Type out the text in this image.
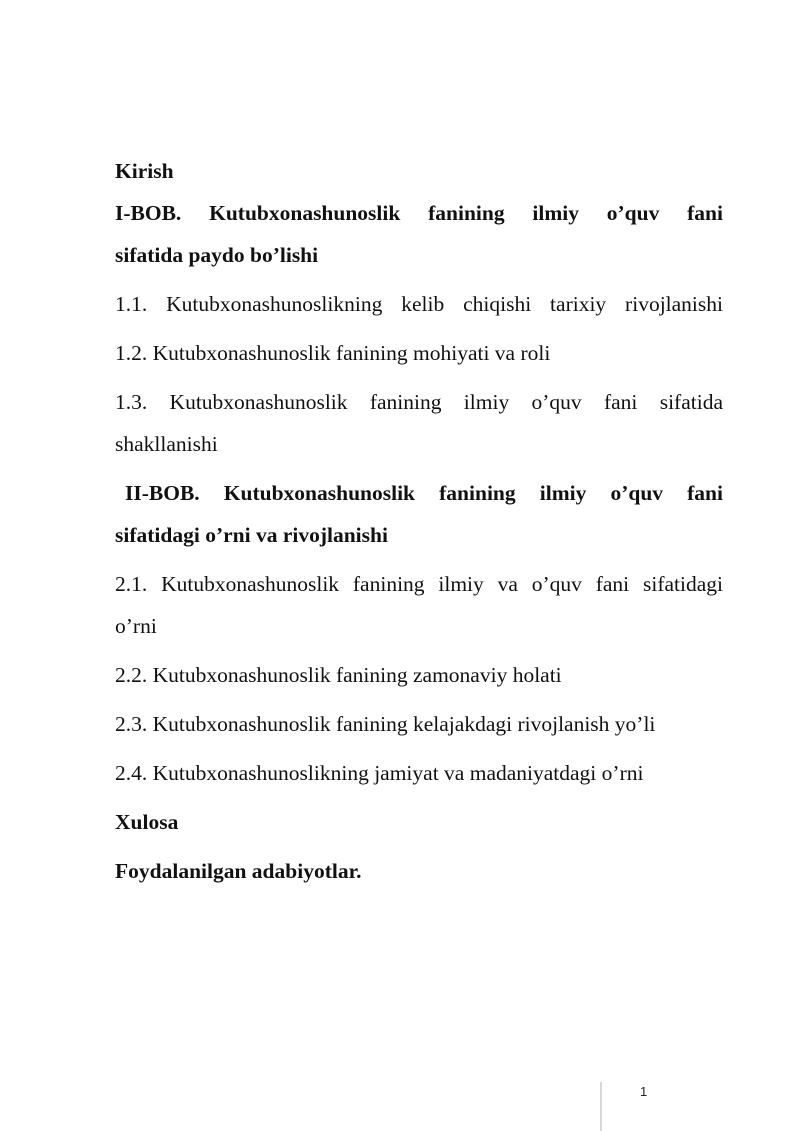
Kirish
I-BOB. Kutubxonashunoslik fanining ilmiy o’quv fani
sifatida paydo bo’lishi
1.1. Kutubxonashunoslikning kelib chiqishi tarixiy rivojlanishi
1.2. Kutubxonashunoslik fanining mohiyati va roli
1.3. Kutubxonashunoslik fanining ilmiy o’quv fani sifatida
shakllanishi
II-BOB. Kutubxonashunoslik fanining ilmiy o’quv fani
sifatidagi o’rni va rivojlanishi
2.1. Kutubxonashunoslik fanining ilmiy va o’quv fani sifatidagi
o’rni
2.2. Kutubxonashunoslik fanining zamonaviy holati
2.3. Kutubxonashunoslik fanining kelajakdagi rivojlanish yo’li
2.4. Kutubxonashunoslikning jamiyat va madaniyatdagi o’rni
Xulosa
Foydalanilgan adabiyotlar.
1
